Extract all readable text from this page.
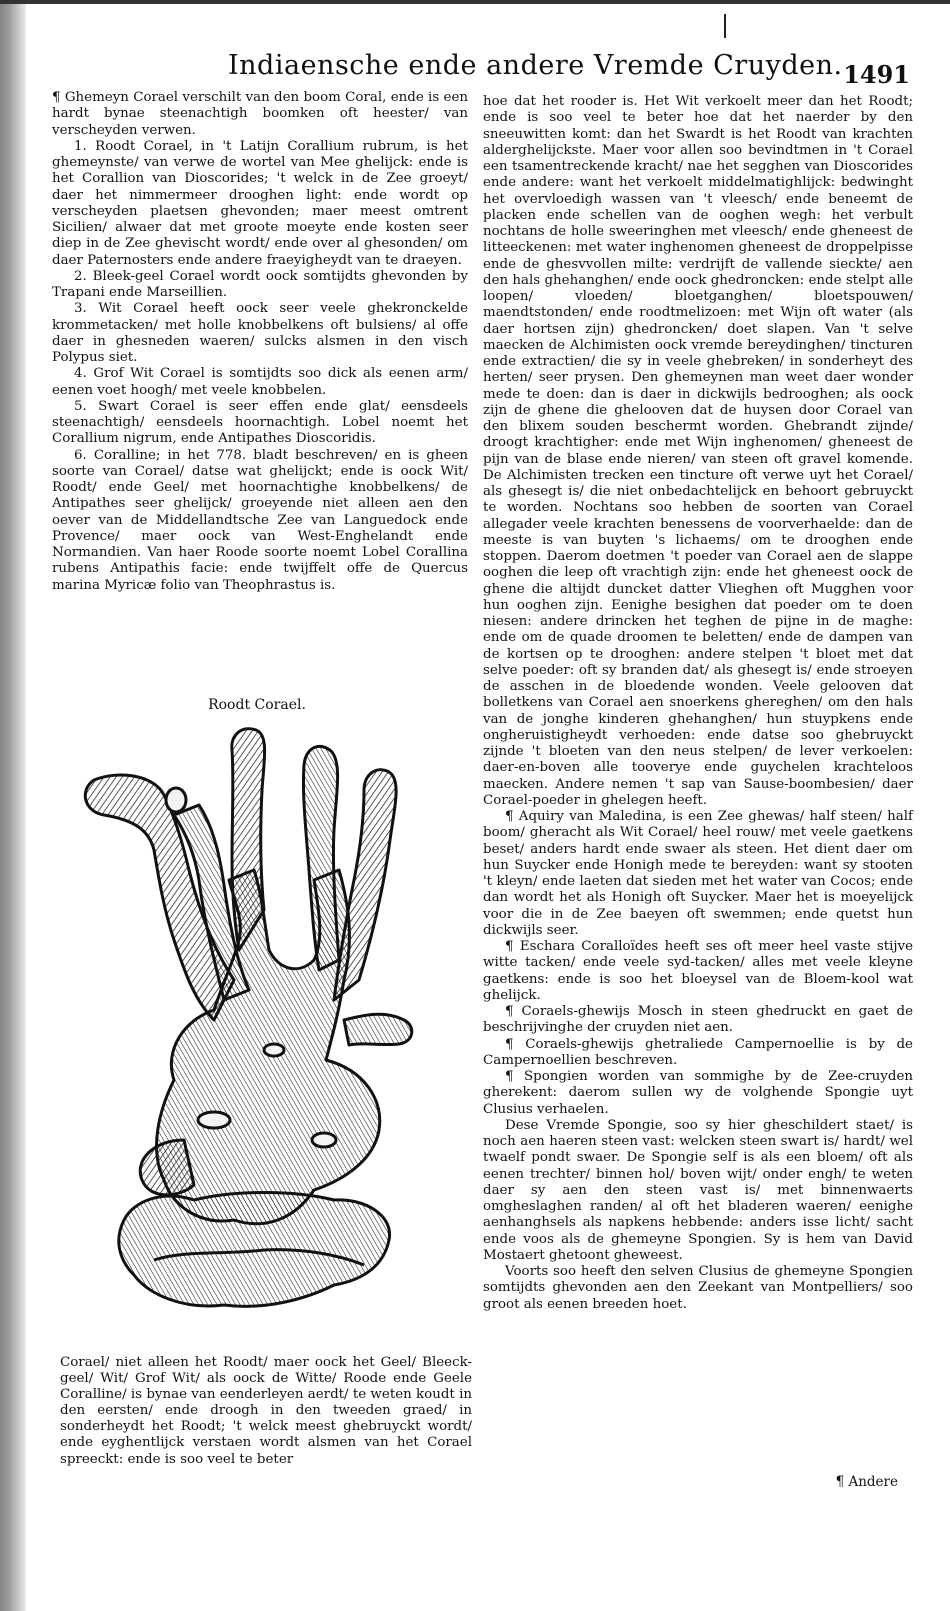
Indiaensche ende andere Vremde Cruyden. 1491

¶ Ghemeyn Corael verschilt van den boom Coral, ende is een hardt bynae steenachtigh boomken oft heester/ van verscheyden verwen.

1. Roodt Corael, in 't Latijn Corallium rubrum, is het ghemeynste/ van verwe de wortel van Mee ghelijck: ende is het Corallion van Dioscorides; 't welck in de Zee groeyt/ daer het nimmermeer drooghen light: ende wordt op verscheyden plaetsen ghevonden; maer meest omtrent Sicilien/ alwaer dat met groote moeyte ende kosten seer diep in de Zee ghevischt wordt/ ende over al ghesonden/ om daer Paternosters ende andere fraeyigheydt van te draeyen.

2. Bleek-geel Corael wordt oock somtijdts ghevonden by Trapani ende Marseillien.

3. Wit Corael heeft oock seer veele ghekronckelde krommetacken/ met holle knobbelkens oft bulsiens/ al offe daer in ghesneden waeren/ sulcks alsmen in den visch Polypus siet.

4. Grof Wit Corael is somtijdts soo dick als eenen arm/ eenen voet hoogh/ met veele knobbelen.

5. Swart Corael is seer effen ende glat/ eensdeels steenachtigh/ eensdeels hoornachtigh. Lobel noemt het Corallium nigrum, ende Antipathes Dioscoridis.

6. Coralline; in het 778. bladt beschreven/ en is gheen soorte van Corael/ datse wat ghelijckt; ende is oock Wit/ Roodt/ ende Geel/ met hoornachtighe knobbelkens/ de Antipathes seer ghelijck/ groeyende niet alleen aen den oever van de Middellandtsche Zee van Languedock ende Provence/ maer oock van West-Enghelandt ende Normandien. Van haer Roode soorte noemt Lobel Corallina rubens Antipathis facie: ende twijffelt offe de Quercus marina Myricæ folio van Theophrastus is.

Roodt Corael.

Corael/ niet alleen het Roodt/ maer oock het Geel/ Bleeck-geel/ Wit/ Grof Wit/ als oock de Witte/ Roode ende Geele Coralline/ is bynae van eenderleyen aerdt/ te weten koudt in den eersten/ ende droogh in den tweeden graed/ in sonderheydt het Roodt; 't welck meest ghebruyckt wordt/ ende eyghentlijck verstaen wordt alsmen van het Corael spreeckt: ende is soo veel te beter

hoe dat het rooder is. Het Wit verkoelt meer dan het Roodt; ende is soo veel te beter hoe dat het naerder by den sneeuwitten komt: dan het Swardt is het Roodt van krachten alderghelijckste. Maer voor allen soo bevindtmen in 't Corael een tsamentreckende kracht/ nae het segghen van Dioscorides ende andere: want het verkoelt middelmatighlijck: bedwinght het overvloedigh wassen van 't vleesch/ ende beneemt de placken ende schellen van de ooghen wegh: het verbult nochtans de holle sweeringhen met vleesch/ ende gheneest de litteeckenen: met water inghenomen gheneest de droppelpisse ende de ghesvvollen milte: verdrijft de vallende sieckte/ aen den hals ghehanghen/ ende oock ghedroncken: ende stelpt alle loopen/ vloeden/ bloetganghen/ bloetspouwen/ maendtstonden/ ende roodtmelizoen: met Wijn oft water (als daer hortsen zijn) ghedroncken/ doet slapen. Van 't selve maecken de Alchimisten oock vremde bereydinghen/ tincturen ende extractien/ die sy in veele ghebreken/ in sonderheyt des herten/ seer prysen. Den ghemeynen man weet daer wonder mede te doen: dan is daer in dickwijls bedrooghen; als oock zijn de ghene die ghelooven dat de huysen door Corael van den blixem souden beschermt worden. Ghebrandt zijnde/ droogt krachtigher: ende met Wijn inghenomen/ gheneest de pijn van de blase ende nieren/ van steen oft gravel komende. De Alchimisten trecken een tincture oft verwe uyt het Corael/ als ghesegt is/ die niet onbedachtelijck en behoort gebruyckt te worden. Nochtans soo hebben de soorten van Corael allegader veele krachten benessens de voorverhaelde: dan de meeste is van buyten 's lichaems/ om te drooghen ende stoppen. Daerom doetmen 't poeder van Corael aen de slappe ooghen die leep oft vrachtigh zijn: ende het gheneest oock de ghene die altijdt duncket datter Vlieghen oft Mugghen voor hun ooghen zijn. Eenighe besighen dat poeder om te doen niesen: andere drincken het teghen de pijne in de maghe: ende om de quade droomen te beletten/ ende de dampen van de kortsen op te drooghen: andere stelpen 't bloet met dat selve poeder: oft sy branden dat/ als ghesegt is/ ende stroeyen de asschen in de bloedende wonden. Veele gelooven dat bolletkens van Corael aen snoerkens ghereghen/ om den hals van de jonghe kinderen ghehanghen/ hun stuypkens ende ongheruistigheydt verhoeden: ende datse soo ghebruyckt zijnde 't bloeten van den neus stelpen/ de lever verkoelen: daer-en-boven alle tooverye ende guychelen krachteloos maecken. Andere nemen 't sap van Sause-boombesien/ daer Corael-poeder in ghelegen heeft.

¶ Aquiry van Maledina, is een Zee ghewas/ half steen/ half boom/ gheracht als Wit Corael/ heel rouw/ met veele gaetkens beset/ anders hardt ende swaer als steen. Het dient daer om hun Suycker ende Honigh mede te bereyden: want sy stooten 't kleyn/ ende laeten dat sieden met het water van Cocos; ende dan wordt het als Honigh oft Suycker. Maer het is moeyelijck voor die in de Zee baeyen oft swemmen; ende quetst hun dickwijls seer.

¶ Eschara Coralloïdes heeft ses oft meer heel vaste stijve witte tacken/ ende veele syd-tacken/ alles met veele kleyne gaetkens: ende is soo het bloeysel van de Bloem-kool wat ghelijck.

¶ Coraels-ghewijs Mosch in steen ghedruckt en gaet de beschrijvinghe der cruyden niet aen.

¶ Coraels-ghewijs ghetraliede Campernoellie is by de Campernoellien beschreven.

¶ Spongien worden van sommighe by de Zee-cruyden gherekent: daerom sullen wy de volghende Spongie uyt Clusius verhaelen.

Dese Vremde Spongie, soo sy hier gheschildert staet/ is noch aen haeren steen vast: welcken steen swart is/ hardt/ wel twaelf pondt swaer. De Spongie self is als een bloem/ oft als eenen trechter/ binnen hol/ boven wijt/ onder engh/ te weten daer sy aen den steen vast is/ met binnenwaerts omgheslaghen randen/ al oft het bladeren waeren/ eenighe aenhanghsels als napkens hebbende: anders isse licht/ sacht ende voos als de ghemeyne Spongien. Sy is hem van David Mostaert ghetoont gheweest.

Voorts soo heeft den selven Clusius de ghemeyne Spongien somtijdts ghevonden aen den Zeekant van Montpelliers/ soo groot als eenen breeden hoet.

¶ Andere
